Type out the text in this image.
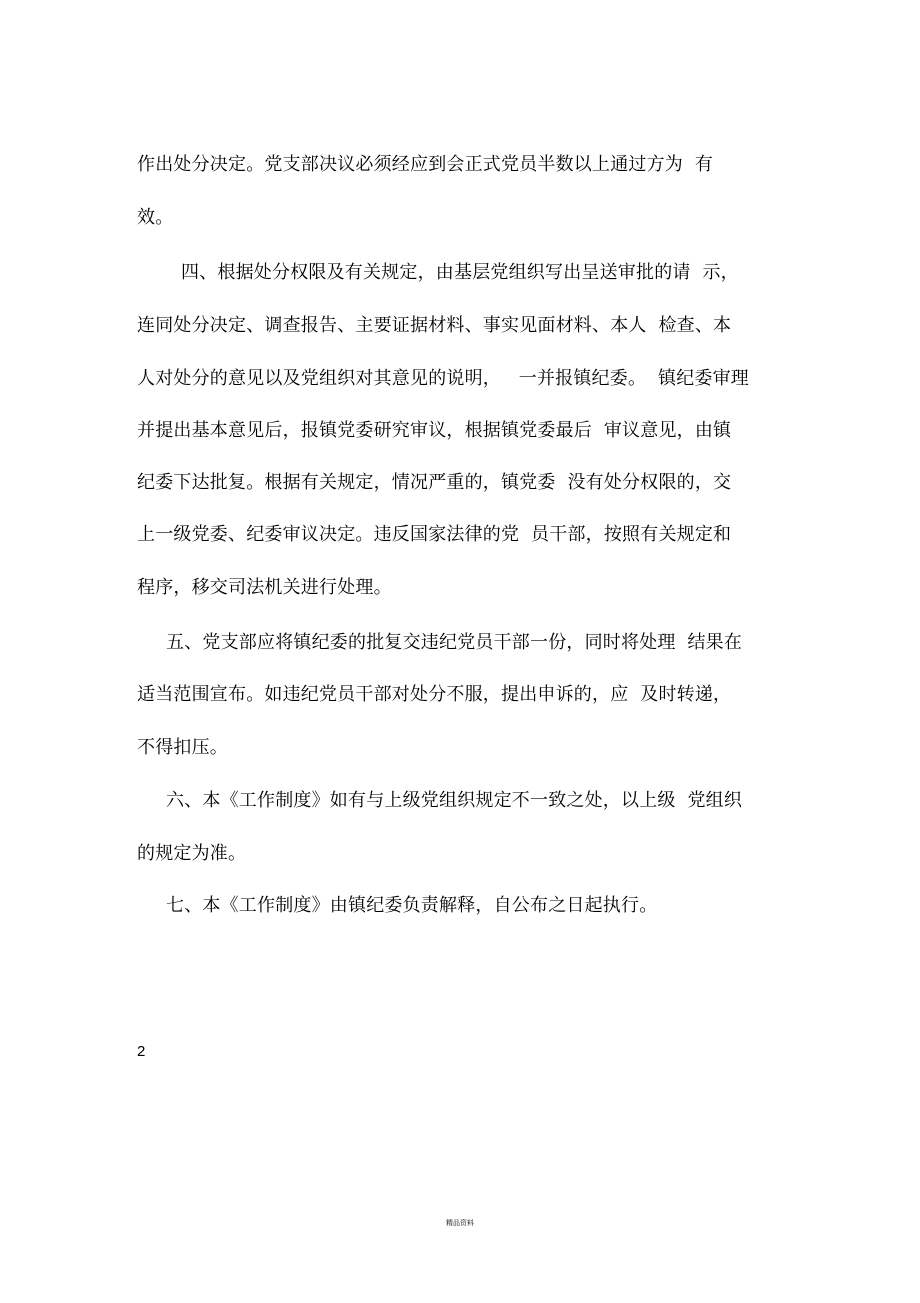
作出处分决定。党支部决议必须经应到会正式党员半数以上通过方为  有
效。
四、根据处分权限及有关规定，由基层党组织写出呈送审批的请  示，
连同处分决定、调查报告、主要证据材料、事实见面材料、本人  检查、本
人对处分的意见以及党组织对其意见的说明，   一并报镇纪委。  镇纪委审理
并提出基本意见后，报镇党委研究审议，根据镇党委最后  审议意见，由镇
纪委下达批复。根据有关规定，情况严重的，镇党委  没有处分权限的，交
上一级党委、纪委审议决定。违反国家法律的党  员干部，按照有关规定和
程序，移交司法机关进行处理。
五、党支部应将镇纪委的批复交违纪党员干部一份，同时将处理  结果在
适当范围宣布。如违纪党员干部对处分不服，提出申诉的，应  及时转递，
不得扣压。
六、本《工作制度》如有与上级党组织规定不一致之处，以上级  党组织
的规定为准。
七、本《工作制度》由镇纪委负责解释，自公布之日起执行。
2
精品资料
